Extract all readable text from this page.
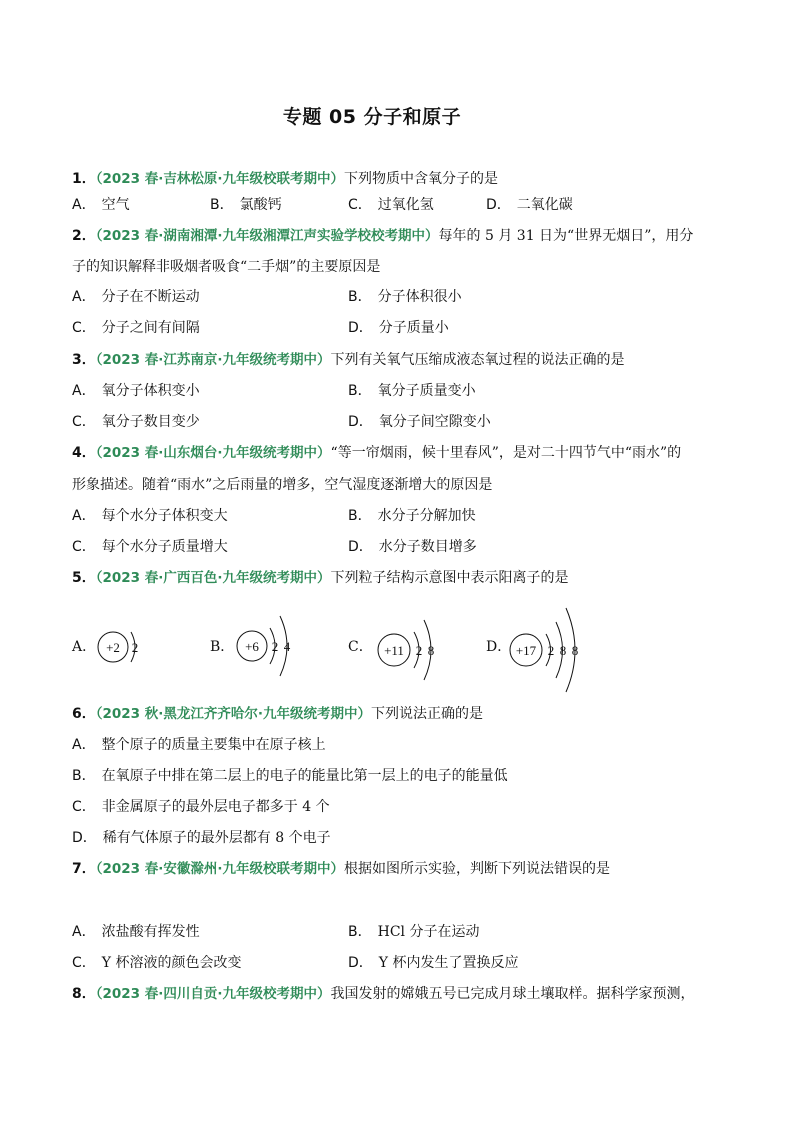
专题 05 分子和原子
1．（2023 春·吉林松原·九年级校联考期中）下列物质中含氧分子的是
A． 空气	B． 氯酸钙	C． 过氧化氢	D． 二氧化碳
2．（2023 春·湖南湘潭·九年级湘潭江声实验学校校考期中）每年的 5 月 31 日为“世界无烟日”，用分
子的知识解释非吸烟者吸食“二手烟”的主要原因是
A． 分子在不断运动	B． 分子体积很小
C． 分子之间有间隔	D． 分子质量小
3．（2023 春·江苏南京·九年级统考期中）下列有关氧气压缩成液态氧过程的说法正确的是
A． 氧分子体积变小	B． 氧分子质量变小
C． 氧分子数目变少	D． 氧分子间空隙变小
4．（2023 春·山东烟台·九年级统考期中）“等一帘烟雨，候十里春风”，是对二十四节气中“雨水”的
形象描述。随着“雨水”之后雨量的增多，空气湿度逐渐增大的原因是
A． 每个水分子体积变大	B． 水分子分解加快
C． 每个水分子质量增大	D． 水分子数目增多
5．（2023 春·广西百色·九年级统考期中）下列粒子结构示意图中表示阳离子的是
A． +2 2	B． +6 2 4	C． +11 2 8	D． +17 2 8 8
6．（2023 秋·黑龙江齐齐哈尔·九年级统考期中）下列说法正确的是
A． 整个原子的质量主要集中在原子核上
B． 在氧原子中排在第二层上的电子的能量比第一层上的电子的能量低
C． 非金属原子的最外层电子都多于 4 个
D． 稀有气体原子的最外层都有 8 个电子
7．（2023 春·安徽滁州·九年级校联考期中）根据如图所示实验，判断下列说法错误的是
A． 浓盐酸有挥发性	B． HCl 分子在运动
C． Y 杯溶液的颜色会改变	D． Y 杯内发生了置换反应
8．（2023 春·四川自贡·九年级校考期中）我国发射的嫦娥五号已完成月球土壤取样。据科学家预测，
